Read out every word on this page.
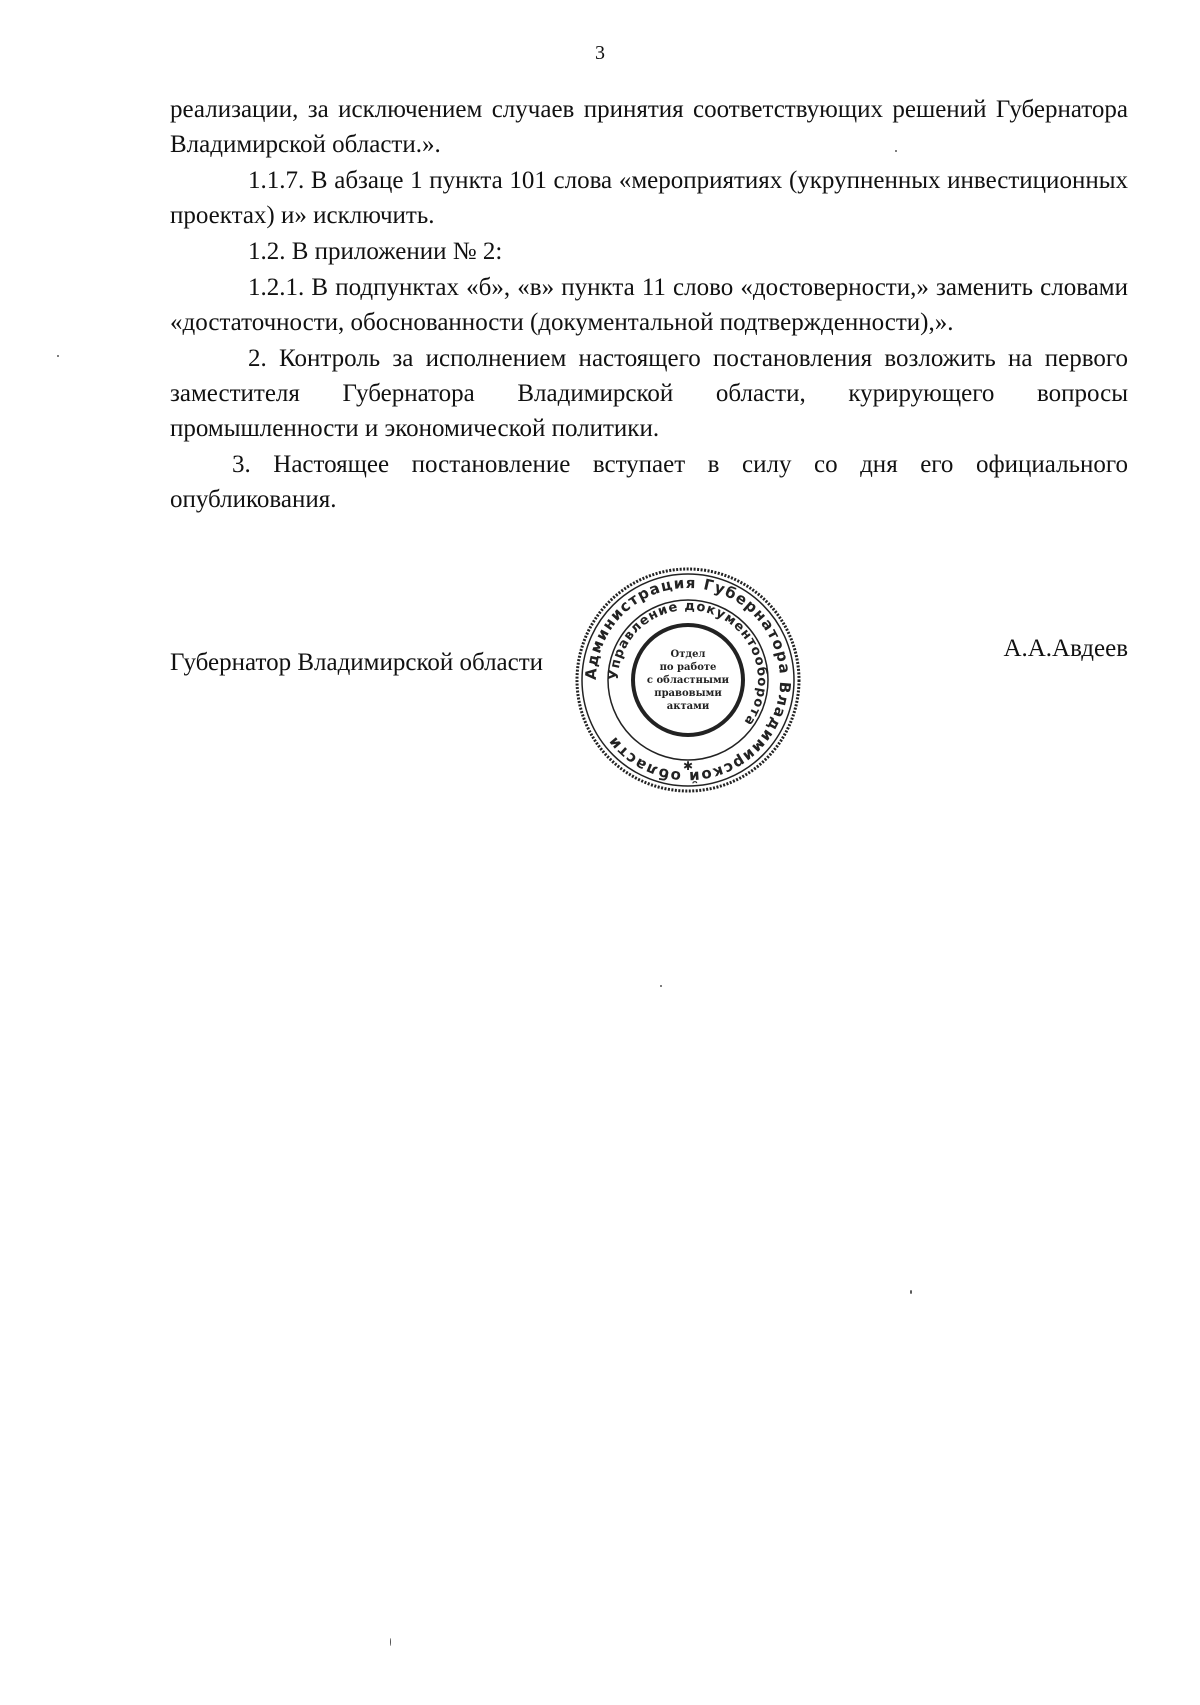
3

реализации, за исключением случаев принятия соответствующих решений Губернатора Владимирской области.».

1.1.7. В абзаце 1 пункта 101 слова «мероприятиях (укрупненных инвестиционных проектах) и» исключить.

1.2. В приложении № 2:

1.2.1. В подпунктах «б», «в» пункта 11 слово «достоверности,» заменить словами «достаточности, обоснованности (документальной подтвержденности),».

2. Контроль за исполнением настоящего постановления возложить на первого заместителя Губернатора Владимирской области, курирующего вопросы промышленности и экономической политики.

3. Настоящее постановление вступает в силу со дня его официального опубликования.

Губернатор Владимирской области
А.А.Авдеев
Администрация Губернатора Владимирской области
Управление документооборота
Отдел
по работе
с областными
правовыми
актами
✱
